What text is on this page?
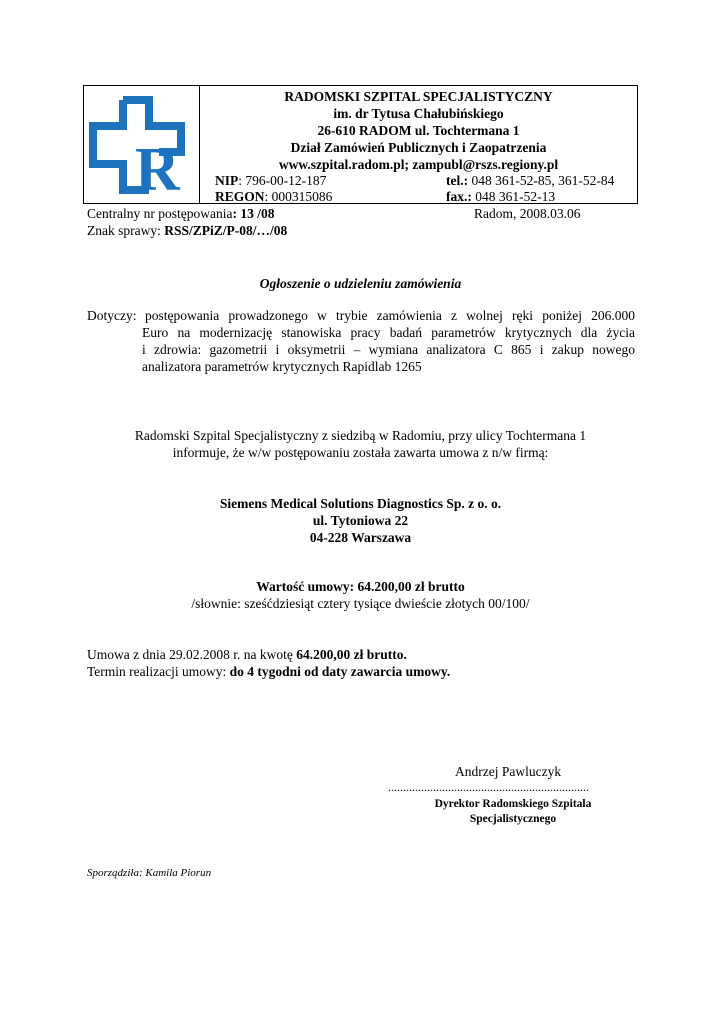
R
RADOMSKI SZPITAL SPECJALISTYCZNY
im. dr Tytusa Chałubińskiego
26-610 RADOM ul. Tochtermana 1
Dział Zamówień Publicznych i Zaopatrzenia
www.szpital.radom.pl; zampubl@rszs.regiony.pl
NIP: 796-00-12-187	tel.: 048 361-52-85, 361-52-84
REGON: 000315086	fax.: 048 361-52-13
Centralny nr postępowania: 13 /08	Radom, 2008.03.06
Znak sprawy: RSS/ZPiZ/P-08/…/08
Ogłoszenie o udzieleniu zamówienia
Dotyczy: postępowania prowadzonego w trybie zamówienia z wolnej ręki poniżej 206.000
Euro na modernizację stanowiska pracy badań parametrów krytycznych dla życia
i zdrowia: gazometrii i oksymetrii – wymiana analizatora C 865 i zakup nowego
analizatora parametrów krytycznych Rapidlab 1265
Radomski Szpital Specjalistyczny z siedzibą w Radomiu, przy ulicy Tochtermana 1
informuje, że w/w postępowaniu została zawarta umowa z n/w firmą:
Siemens Medical Solutions Diagnostics Sp. z o. o.
ul. Tytoniowa 22
04-228 Warszawa
Wartość umowy: 64.200,00 zł brutto
/słownie: sześćdziesiąt cztery tysiące dwieście złotych 00/100/
Umowa z dnia 29.02.2008 r. na kwotę 64.200,00 zł brutto.
Termin realizacji umowy: do 4 tygodni od daty zawarcia umowy.
Andrzej Pawluczyk
...................................................................
Dyrektor Radomskiego Szpitala
Specjalistycznego
Sporządziła: Kamila Piorun
